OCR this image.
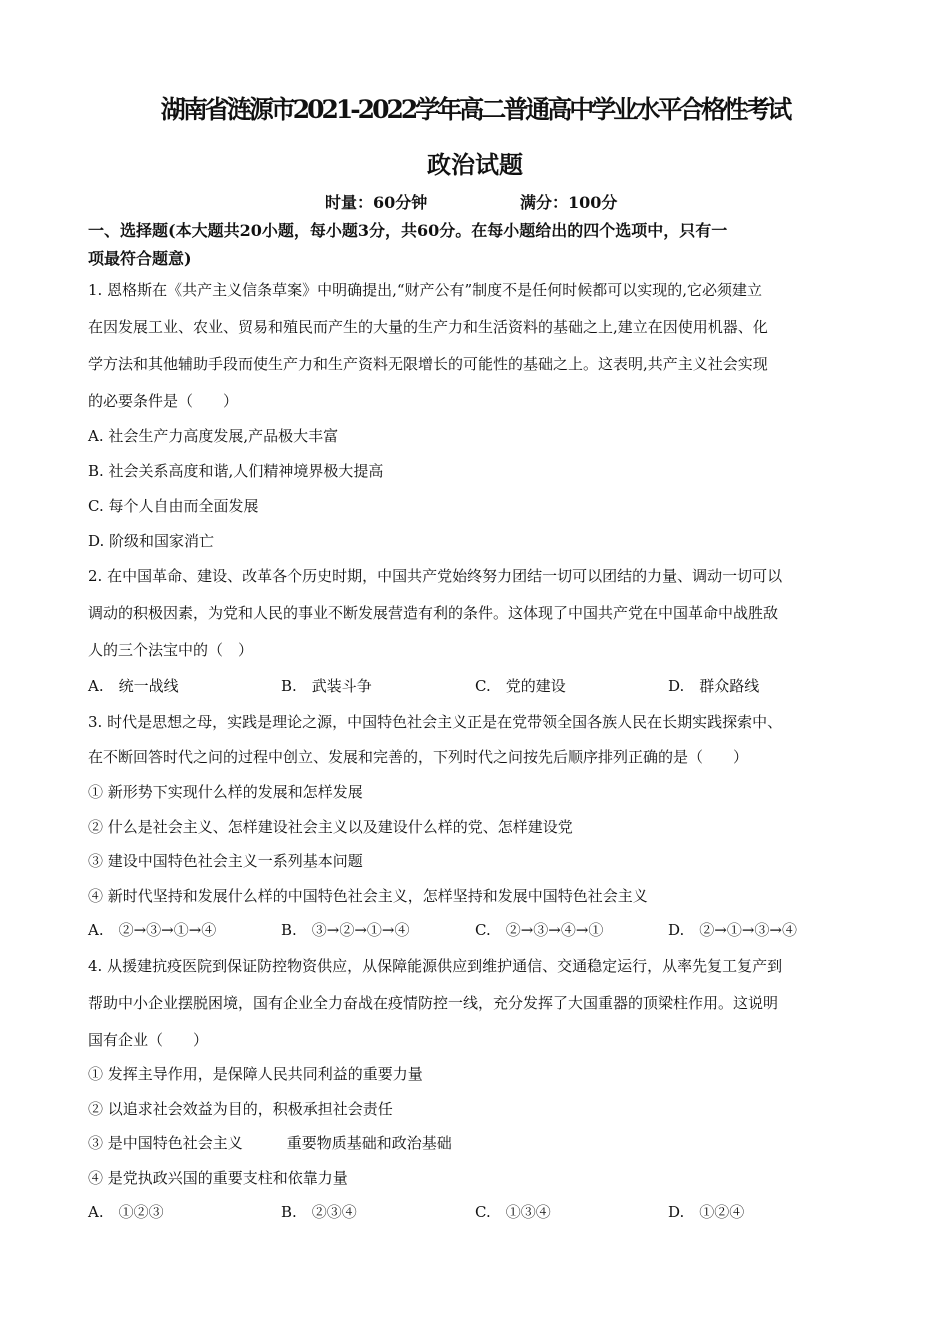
湖南省涟源市2021-2022学年高二普通高中学业水平合格性考试
政治试题
时量：60分钟	满分：100分
一、选择题(本大题共20小题，每小题3分，共60分。在每小题给出的四个选项中，只有一
项最符合题意)
1. 恩格斯在《共产主义信条草案》中明确提出,“财产公有”制度不是任何时候都可以实现的,它必须建立
在因发展工业、农业、贸易和殖民而产生的大量的生产力和生活资料的基础之上,建立在因使用机器、化
学方法和其他辅助手段而使生产力和生产资料无限增长的可能性的基础之上。这表明,共产主义社会实现
的必要条件是（　　）
A. 社会生产力高度发展,产品极大丰富
B. 社会关系高度和谐,人们精神境界极大提高
C. 每个人自由而全面发展
D. 阶级和国家消亡
2. 在中国革命、建设、改革各个历史时期，中国共产党始终努力团结一切可以团结的力量、调动一切可以
调动的积极因素，为党和人民的事业不断发展营造有利的条件。这体现了中国共产党在中国革命中战胜敌
人的三个法宝中的（　）
A.　统一战线	B.　武装斗争	C.　党的建设	D.　群众路线
3. 时代是思想之母，实践是理论之源，中国特色社会主义正是在党带领全国各族人民在长期实践探索中、
在不断回答时代之问的过程中创立、发展和完善的，下列时代之问按先后顺序排列正确的是（　　）
① 新形势下实现什么样的发展和怎样发展
② 什么是社会主义、怎样建设社会主义以及建设什么样的党、怎样建设党
③ 建设中国特色社会主义一系列基本问题
④ 新时代坚持和发展什么样的中国特色社会主义，怎样坚持和发展中国特色社会主义
A.　②→③→①→④	B.　③→②→①→④	C.　②→③→④→①	D.　②→①→③→④
4. 从援建抗疫医院到保证防控物资供应，从保障能源供应到维护通信、交通稳定运行，从率先复工复产到
帮助中小企业摆脱困境，国有企业全力奋战在疫情防控一线，充分发挥了大国重器的顶梁柱作用。这说明
国有企业（　　）
① 发挥主导作用，是保障人民共同利益的重要力量
② 以追求社会效益为目的，积极承担社会责任
③ 是中国特色社会主义	重要物质基础和政治基础
④ 是党执政兴国的重要支柱和依靠力量
A.　①②③	B.　②③④	C.　①③④	D.　①②④
